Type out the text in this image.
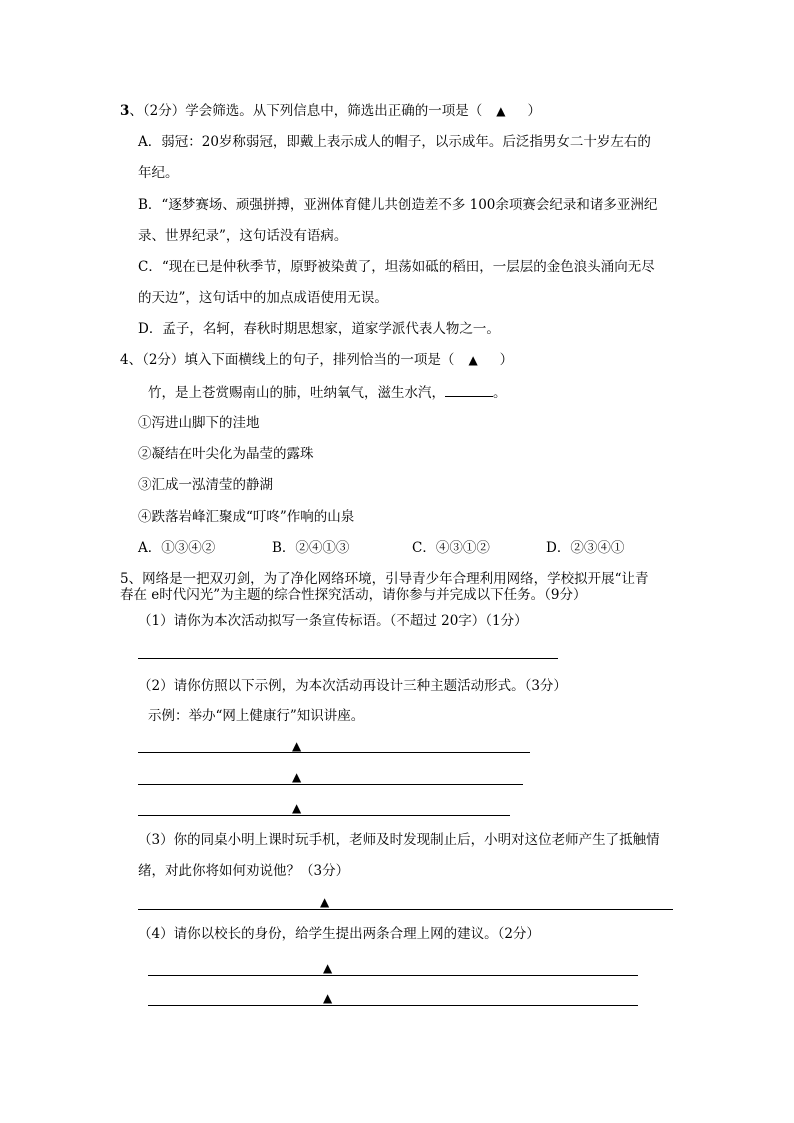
3、（2分）学会筛选。从下列信息中，筛选出正确的一项是（ ▲ ）
A．弱冠：20岁称弱冠，即戴上表示成人的帽子，以示成年。后泛指男女二十岁左右的
年纪。
B．“逐梦赛场、顽强拼搏，亚洲体育健儿共创造差不多 100余项赛会纪录和诸多亚洲纪
录、世界纪录”，这句话没有语病。
C．“现在已是仲秋季节，原野被染黄了，坦荡如砥的稻田，一层层的金色浪头涌向无尽
的天边”，这句话中的加点成语使用无误。
D．孟子，名轲，春秋时期思想家，道家学派代表人物之一。
4、（2分）填入下面横线上的句子，排列恰当的一项是（ ▲ ）
竹，是上苍赏赐南山的肺，吐纳氧气，滋生水汽，	。
①泻进山脚下的洼地
②凝结在叶尖化为晶莹的露珠
③汇成一泓清莹的静湖
④跌落岩峰汇聚成“叮咚”作响的山泉
A．①③④②	B．②④①③	C．④③①②	D．②③④①
5、网络是一把双刃剑，为了净化网络环境，引导青少年合理利用网络，学校拟开展“让青
春在 e时代闪光”为主题的综合性探究活动，请你参与并完成以下任务。（9分）
（1）请你为本次活动拟写一条宣传标语。（不超过 20字）（1分）
（2）请你仿照以下示例，为本次活动再设计三种主题活动形式。（3分）
示例：举办“网上健康行”知识讲座。
▲
▲
▲
（3）你的同桌小明上课时玩手机，老师及时发现制止后，小明对这位老师产生了抵触情
绪，对此你将如何劝说他？（3分）
▲
（4）请你以校长的身份，给学生提出两条合理上网的建议。（2分）
▲
▲
